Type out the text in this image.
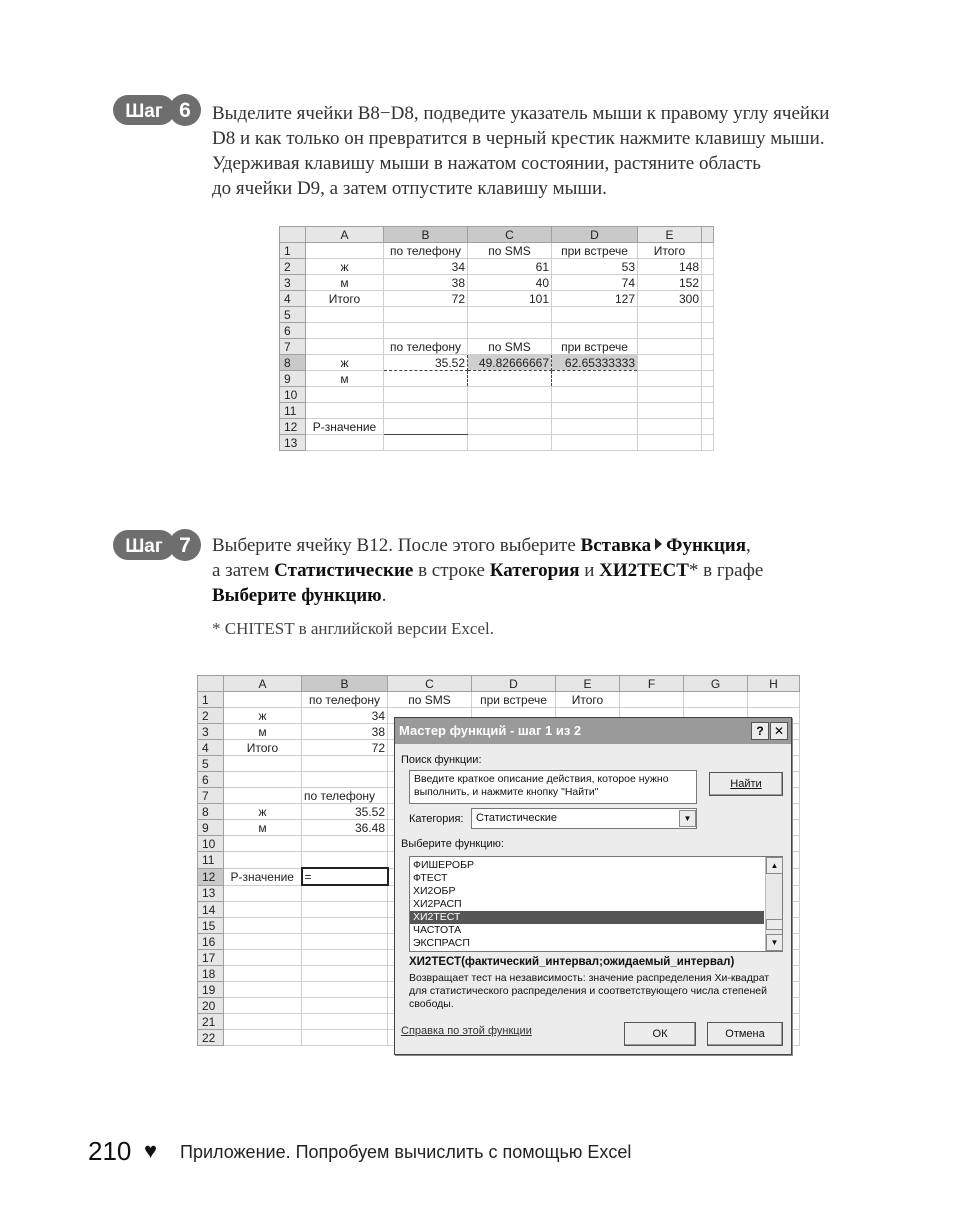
Шаг 6 Выделите ячейки B8−D8, подведите указатель мыши к правому углу ячейки
D8 и как только он превратится в черный крестик нажмите клавишу мыши.
Удерживая клавишу мыши в нажатом состоянии, растяните область
до ячейки D9, а затем отпустите клавишу мыши.
	A	B	C	D	E	
1		по телефону	по SMS	при встрече	Итого	
2	ж	34	61	53	148	
3	м	38	40	74	152	
4	Итого	72	101	127	300	
5						
6						
7		по телефону	по SMS	при встрече		
8	ж	35.52	49.82666667	62.65333333		
9	м					
10						
11						
12	Р-значение					
13						
Шаг 7 Выберите ячейку B12. После этого выберите Вставка Функция,
а затем Статистические в строке Категория и ХИ2ТЕСТ* в графе
Выберите функцию.
* CHITEST в английской версии Excel.
	A	B	C	D	E	F	G	H
1		по телефону	по SMS	при встрече	Итого			
2	ж	34						
3	м	38						
4	Итого	72						
5								
6								
7		по телефону						
8	ж	35.52						
9	м	36.48						
10								
11								
12	Р-значение	=						
13								
14								
15								
16								
17								
18								
19								
20								
21								
22								
Мастер функций - шаг 1 из 2	? ✕
Поиск функции:
Введите краткое описание действия, которое нужно выполнить, и нажмите кнопку "Найти"
Найти
Категория: Статистические	▼
Выберите функцию:
ФИШЕРОБР
ФТЕСТ
ХИ2ОБР
ХИ2РАСП
ХИ2ТЕСТ
ЧАСТОТА
ЭКСПРАСП
▲
▼
ХИ2ТЕСТ(фактический_интервал;ожидаемый_интервал)
Возвращает тест на независимость: значение распределения Хи-квадрат для статистического распределения и соответствующего числа степеней свободы.
Справка по этой функции	ОК	Отмена
210 ♥ Приложение. Попробуем вычислить с помощью Excel
